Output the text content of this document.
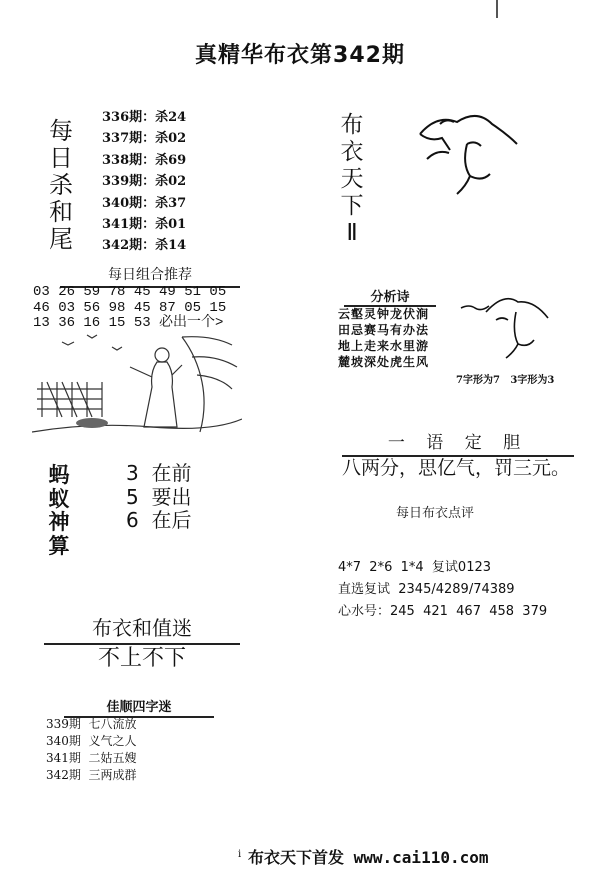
真精华布衣第342期
每
日
杀
和
尾
336期：杀24
337期：杀02
338期：杀69
339期：杀02
340期：杀37
341期：杀01
342期：杀14
每日组合推荐
03 26 59 78 45 49 51 05
46 03 56 98 45 87 05 15
13 36 16 15 53 必出一个>
蚂
蚁
神
算
3  在前
5  要出
6  在后
布衣和值迷
不上不下
佳顺四字迷
339期  七八流放
340期  义气之人
341期  二姑五嫂
342期  三两成群
布
衣
天
下
Ⅱ
分析诗
云壑灵钟龙伏涧
田忌赛马有办法
地上走来水里游
麓坡深处虎生风
7字形为7   3字形为3
一 语 定 胆
八两分，思亿气，罚三元。
每日布衣点评
4*7  2*6  1*4  复试0123
直选复试  2345/4289/74389
心水号：245  421  467  458  379
ⅰ 布衣天下首发 www.cai110.com
